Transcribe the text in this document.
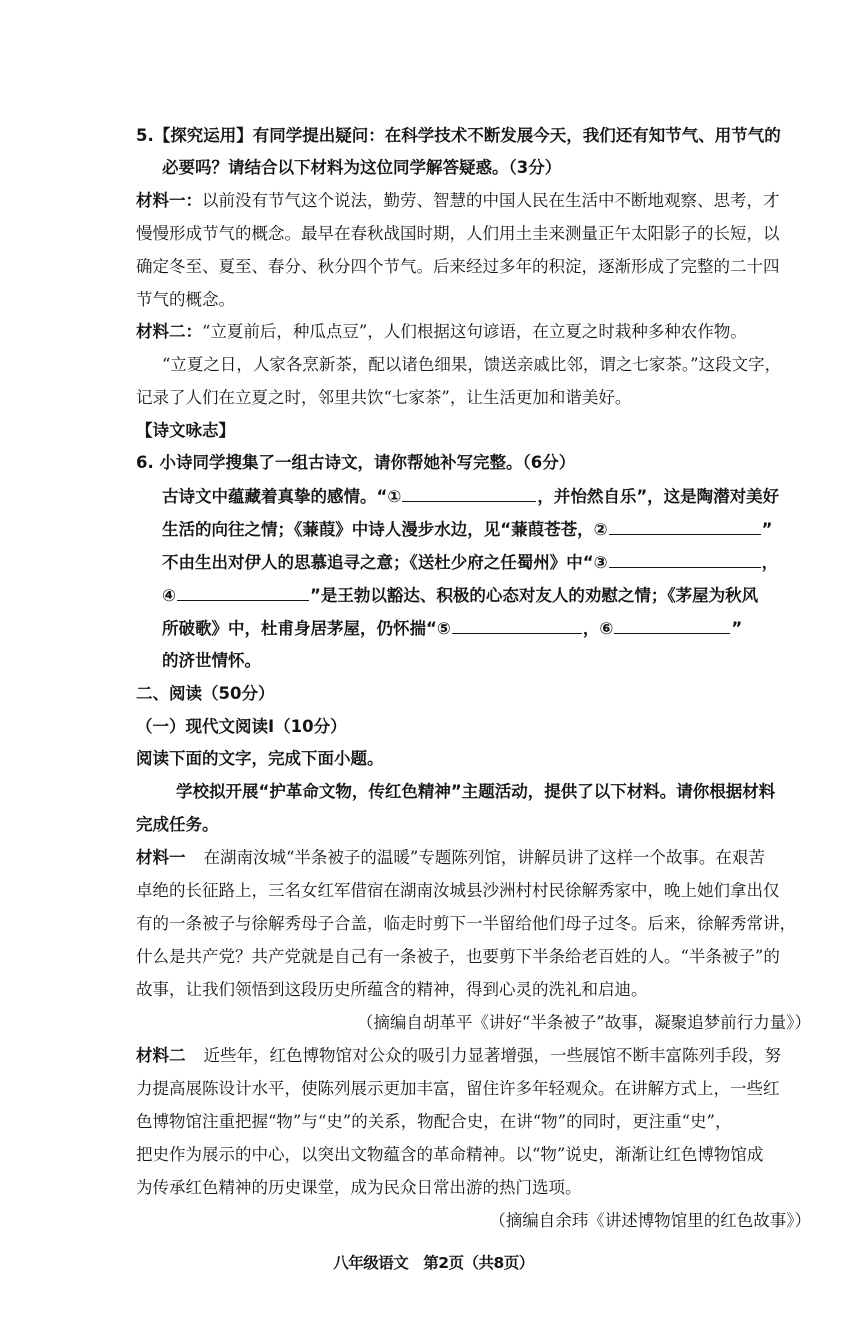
5.【探究运用】有同学提出疑问：在科学技术不断发展今天，我们还有知节气、用节气的
必要吗？请结合以下材料为这位同学解答疑惑。（3分）
材料一：以前没有节气这个说法，勤劳、智慧的中国人民在生活中不断地观察、思考，才
慢慢形成节气的概念。最早在春秋战国时期，人们用土圭来测量正午太阳影子的长短，以
确定冬至、夏至、春分、秋分四个节气。后来经过多年的积淀，逐渐形成了完整的二十四
节气的概念。
材料二：“立夏前后，种瓜点豆”，人们根据这句谚语，在立夏之时栽种多种农作物。
“立夏之日，人家各烹新茶，配以诸色细果，馈送亲戚比邻，谓之七家茶。”这段文字，
记录了人们在立夏之时，邻里共饮“七家茶”，让生活更加和谐美好。
【诗文咏志】
6. 小诗同学搜集了一组古诗文，请你帮她补写完整。（6分）
古诗文中蕴藏着真挚的感情。“①	，并怡然自乐”，这是陶潜对美好
生活的向往之情；《蒹葭》中诗人漫步水边，见“蒹葭苍苍，②	”
不由生出对伊人的思慕追寻之意；《送杜少府之任蜀州》中“③	，
④	”是王勃以豁达、积极的心态对友人的劝慰之情；《茅屋为秋风
所破歌》中，杜甫身居茅屋，仍怀揣“⑤	，⑥	”
的济世情怀。
二、阅读（50分）
（一）现代文阅读Ⅰ（10分）
阅读下面的文字，完成下面小题。
学校拟开展“护革命文物，传红色精神”主题活动，提供了以下材料。请你根据材料
完成任务。
材料一 在湖南汝城“半条被子的温暖”专题陈列馆，讲解员讲了这样一个故事。在艰苦
卓绝的长征路上，三名女红军借宿在湖南汝城县沙洲村村民徐解秀家中，晚上她们拿出仅
有的一条被子与徐解秀母子合盖，临走时剪下一半留给他们母子过冬。后来，徐解秀常讲，
什么是共产党？共产党就是自己有一条被子，也要剪下半条给老百姓的人。“半条被子”的
故事，让我们领悟到这段历史所蕴含的精神，得到心灵的洗礼和启迪。
（摘编自胡革平《讲好“半条被子”故事，凝聚追梦前行力量》）
材料二 近些年，红色博物馆对公众的吸引力显著增强，一些展馆不断丰富陈列手段，努
力提高展陈设计水平，使陈列展示更加丰富，留住许多年轻观众。在讲解方式上，一些红
色博物馆注重把握“物”与“史”的关系，物配合史，在讲“物”的同时，更注重“史”，
把史作为展示的中心，以突出文物蕴含的革命精神。以“物”说史，渐渐让红色博物馆成
为传承红色精神的历史课堂，成为民众日常出游的热门选项。
（摘编自余玮《讲述博物馆里的红色故事》）
八年级语文　第2页（共8页）
